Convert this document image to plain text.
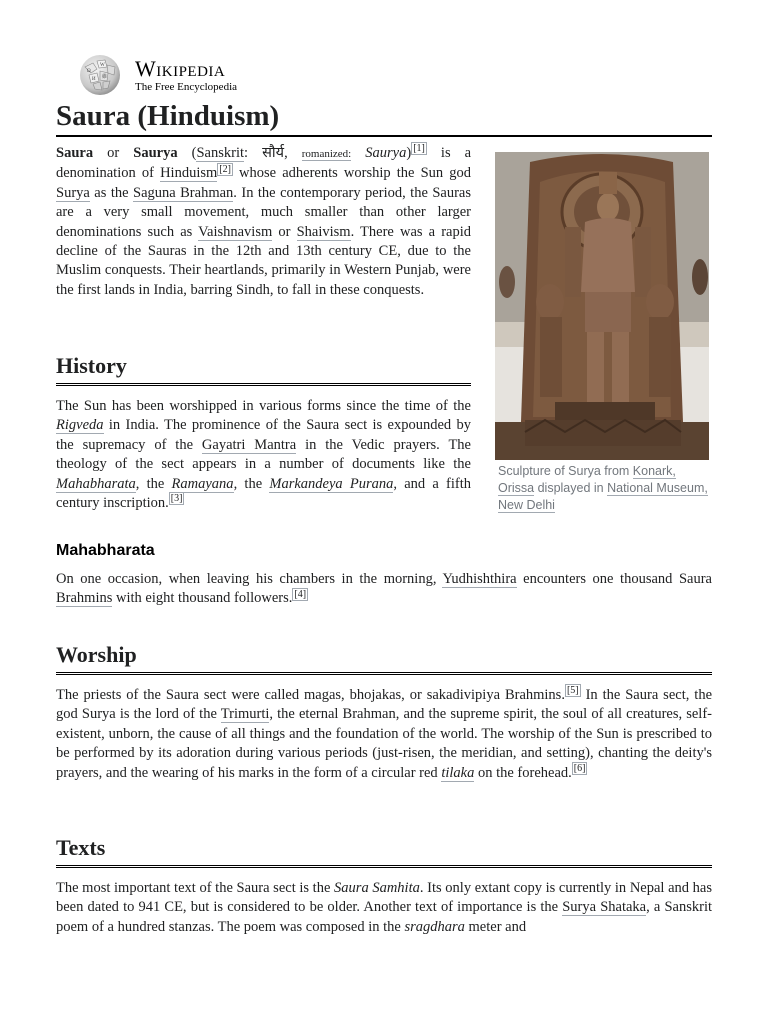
Ω
W
И 維 Wikipedia
The Free Encyclopedia
Saura (Hinduism)

Saura or Saurya (Sanskrit: सौर्य, romanized: Saurya) [1] is a denomination of Hinduism [2] whose adherents worship the Sun god Surya as the Saguna Brahman. In the contemporary period, the Sauras are a very small movement, much smaller than other larger denominations such as Vaishnavism or Shaivism. There was a rapid decline of the Sauras in the 12th and 13th century CE, due to the Muslim conquests. Their heartlands, primarily in Western Punjab, were the first lands in India, barring Sindh, to fall in these conquests.

Sculpture of Surya from Konark, Orissa displayed in National Museum, New Delhi
History

The Sun has been worshipped in various forms since the time of the Rigveda in India. The prominence of the Saura sect is expounded by the supremacy of the Gayatri Mantra in the Vedic prayers. The theology of the sect appears in a number of documents like the Mahabharata, the Ramayana, the Markandeya Purana, and a fifth century inscription. [3]

Mahabharata

On one occasion, when leaving his chambers in the morning, Yudhishthira encounters one thousand Saura Brahmins with eight thousand followers. [4]

Worship

The priests of the Saura sect were called magas, bhojakas, or sakadivipiya Brahmins. [5] In the Saura sect, the god Surya is the lord of the Trimurti, the eternal Brahman, and the supreme spirit, the soul of all creatures, self-existent, unborn, the cause of all things and the foundation of the world. The worship of the Sun is prescribed to be performed by its adoration during various periods (just-risen, the meridian, and setting), chanting the deity's prayers, and the wearing of his marks in the form of a circular red tilaka on the forehead. [6]

Texts

The most important text of the Saura sect is the Saura Samhita. Its only extant copy is currently in Nepal and has been dated to 941 CE, but is considered to be older. Another text of importance is the Surya Shataka, a Sanskrit poem of a hundred stanzas. The poem was composed in the sragdhara meter and
